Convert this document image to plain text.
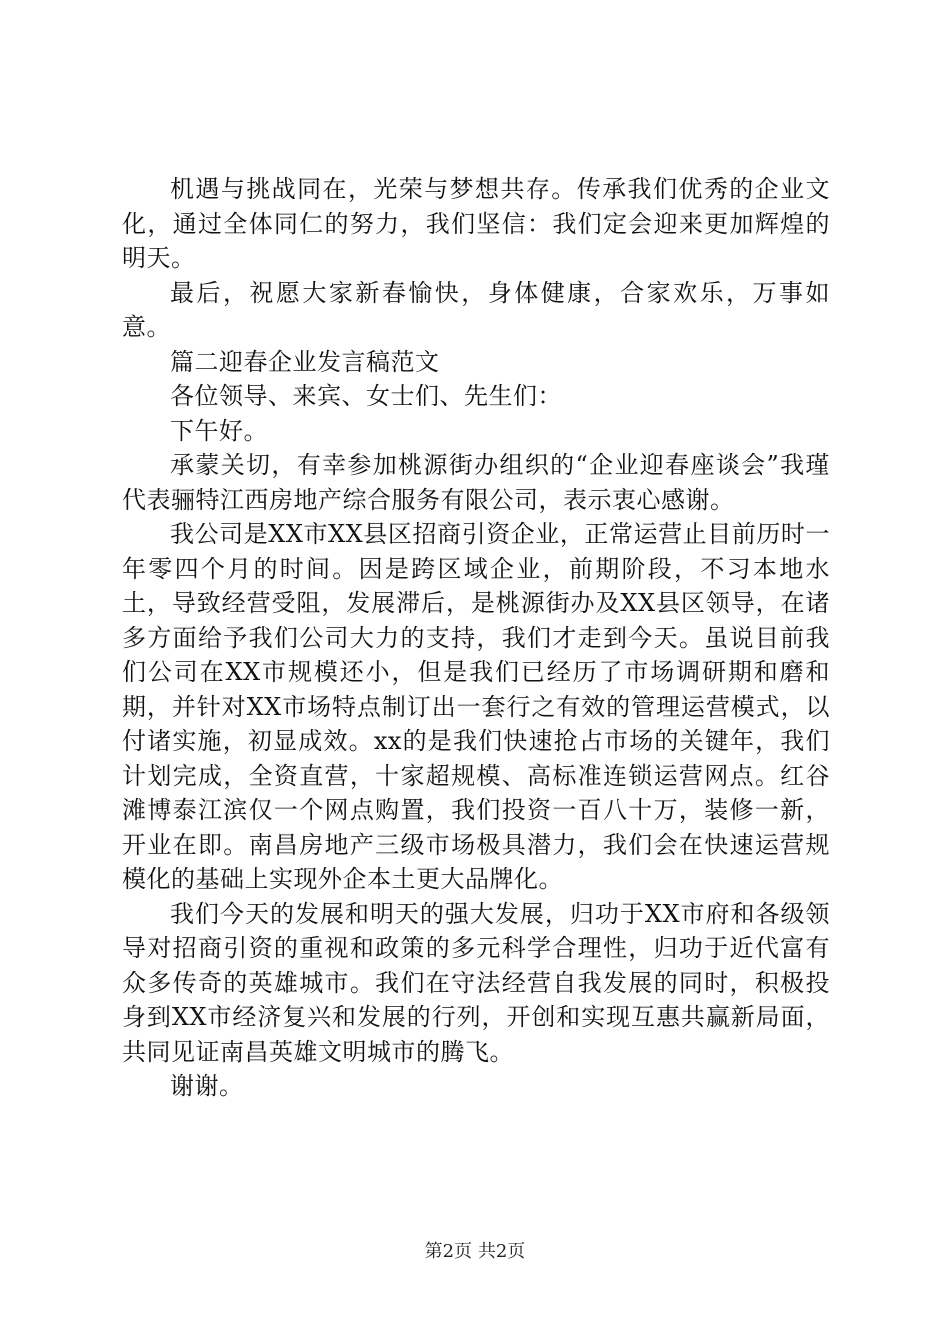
机遇与挑战同在，光荣与梦想共存。传承我们优秀的企业文化，通过全体同仁的努力，我们坚信：我们定会迎来更加辉煌的明天。

最后，祝愿大家新春愉快，身体健康，合家欢乐，万事如意。

篇二迎春企业发言稿范文

各位领导、来宾、女士们、先生们：

下午好。

承蒙关切，有幸参加桃源街办组织的“企业迎春座谈会”我瑾代表骊特江西房地产综合服务有限公司，表示衷心感谢。

我公司是XX市XX县区招商引资企业，正常运营止目前历时一年零四个月的时间。因是跨区域企业，前期阶段，不习本地水土，导致经营受阻，发展滞后，是桃源街办及XX县区领导，在诸多方面给予我们公司大力的支持，我们才走到今天。虽说目前我们公司在XX市规模还小，但是我们已经历了市场调研期和磨和期，并针对XX市场特点制订出一套行之有效的管理运营模式，以付诸实施，初显成效。xx的是我们快速抢占市场的关键年，我们计划完成，全资直营，十家超规模、高标准连锁运营网点。红谷滩博泰江滨仅一个网点购置，我们投资一百八十万，装修一新，开业在即。南昌房地产三级市场极具潜力，我们会在快速运营规模化的基础上实现外企本土更大品牌化。

我们今天的发展和明天的强大发展，归功于XX市府和各级领导对招商引资的重视和政策的多元科学合理性，归功于近代富有众多传奇的英雄城市。我们在守法经营自我发展的同时，积极投身到XX市经济复兴和发展的行列，开创和实现互惠共赢新局面，共同见证南昌英雄文明城市的腾飞。

谢谢。

第2页 共2页
